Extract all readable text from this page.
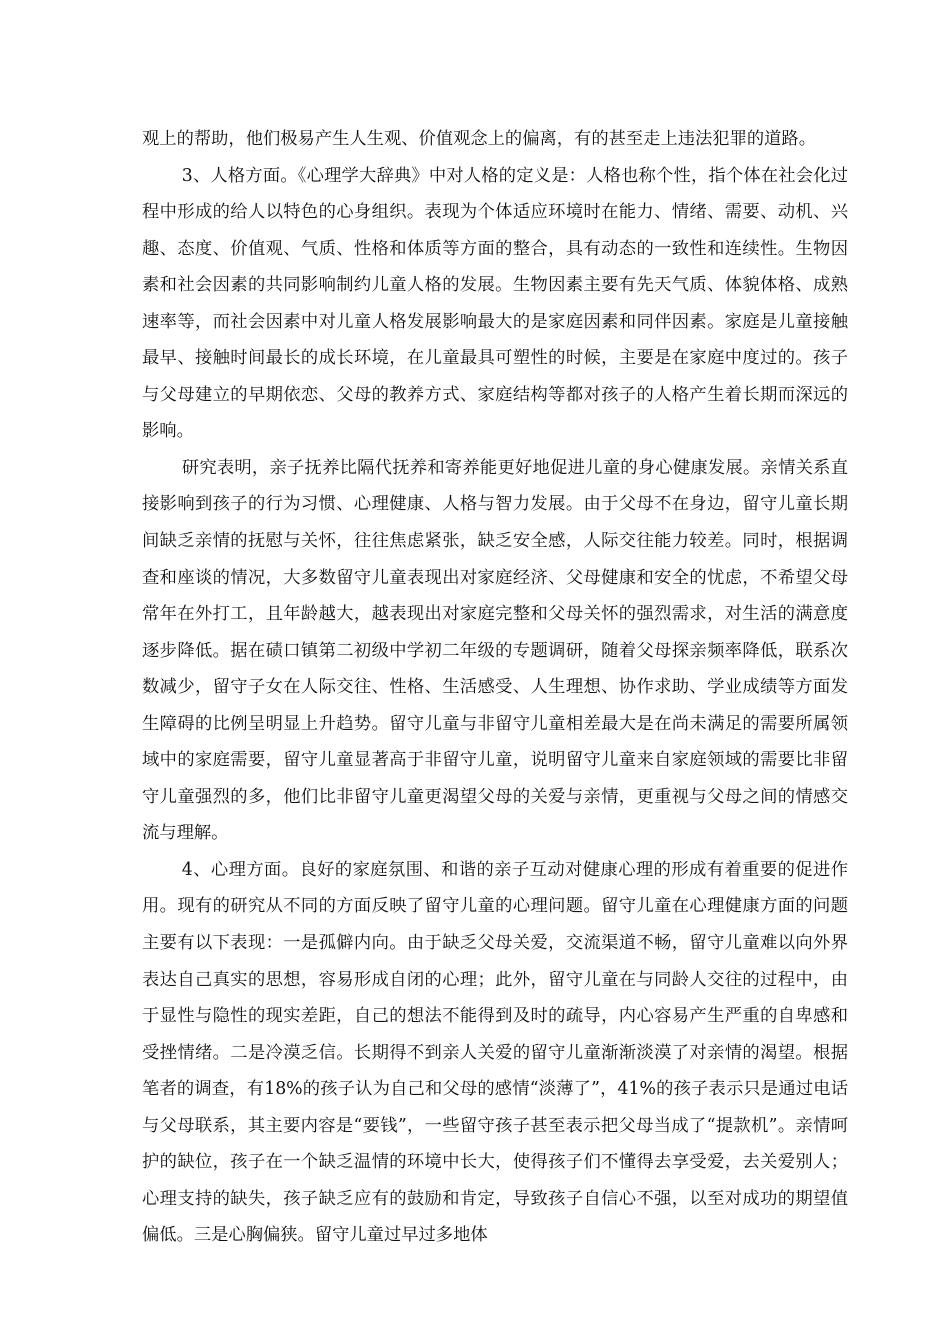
观上的帮助，他们极易产生人生观、价值观念上的偏离，有的甚至走上违法犯罪的道路。

3、人格方面。《心理学大辞典》中对人格的定义是：人格也称个性，指个体在社会化过程中形成的给人以特色的心身组织。表现为个体适应环境时在能力、情绪、需要、动机、兴趣、态度、价值观、气质、性格和体质等方面的整合，具有动态的一致性和连续性。生物因素和社会因素的共同影响制约儿童人格的发展。生物因素主要有先天气质、体貌体格、成熟速率等，而社会因素中对儿童人格发展影响最大的是家庭因素和同伴因素。家庭是儿童接触最早、接触时间最长的成长环境，在儿童最具可塑性的时候，主要是在家庭中度过的。孩子与父母建立的早期依恋、父母的教养方式、家庭结构等都对孩子的人格产生着长期而深远的影响。

研究表明，亲子抚养比隔代抚养和寄养能更好地促进儿童的身心健康发展。亲情关系直接影响到孩子的行为习惯、心理健康、人格与智力发展。由于父母不在身边，留守儿童长期间缺乏亲情的抚慰与关怀，往往焦虑紧张，缺乏安全感，人际交往能力较差。同时，根据调查和座谈的情况，大多数留守儿童表现出对家庭经济、父母健康和安全的忧虑，不希望父母常年在外打工，且年龄越大，越表现出对家庭完整和父母关怀的强烈需求，对生活的满意度逐步降低。据在碛口镇第二初级中学初二年级的专题调研，随着父母探亲频率降低，联系次数减少，留守子女在人际交往、性格、生活感受、人生理想、协作求助、学业成绩等方面发生障碍的比例呈明显上升趋势。留守儿童与非留守儿童相差最大是在尚未满足的需要所属领域中的家庭需要，留守儿童显著高于非留守儿童，说明留守儿童来自家庭领域的需要比非留守儿童强烈的多，他们比非留守儿童更渴望父母的关爱与亲情，更重视与父母之间的情感交流与理解。

4、心理方面。良好的家庭氛围、和谐的亲子互动对健康心理的形成有着重要的促进作用。现有的研究从不同的方面反映了留守儿童的心理问题。留守儿童在心理健康方面的问题主要有以下表现：一是孤僻内向。由于缺乏父母关爱，交流渠道不畅，留守儿童难以向外界表达自己真实的思想，容易形成自闭的心理；此外，留守儿童在与同龄人交往的过程中，由于显性与隐性的现实差距，自己的想法不能得到及时的疏导，内心容易产生严重的自卑感和受挫情绪。二是冷漠乏信。长期得不到亲人关爱的留守儿童渐渐淡漠了对亲情的渴望。根据笔者的调查，有18%的孩子认为自己和父母的感情“淡薄了”，41%的孩子表示只是通过电话与父母联系，其主要内容是“要钱”，一些留守孩子甚至表示把父母当成了“提款机”。亲情呵护的缺位，孩子在一个缺乏温情的环境中长大，使得孩子们不懂得去享受爱，去关爱别人；心理支持的缺失，孩子缺乏应有的鼓励和肯定，导致孩子自信心不强，以至对成功的期望值偏低。三是心胸偏狭。留守儿童过早过多地体
